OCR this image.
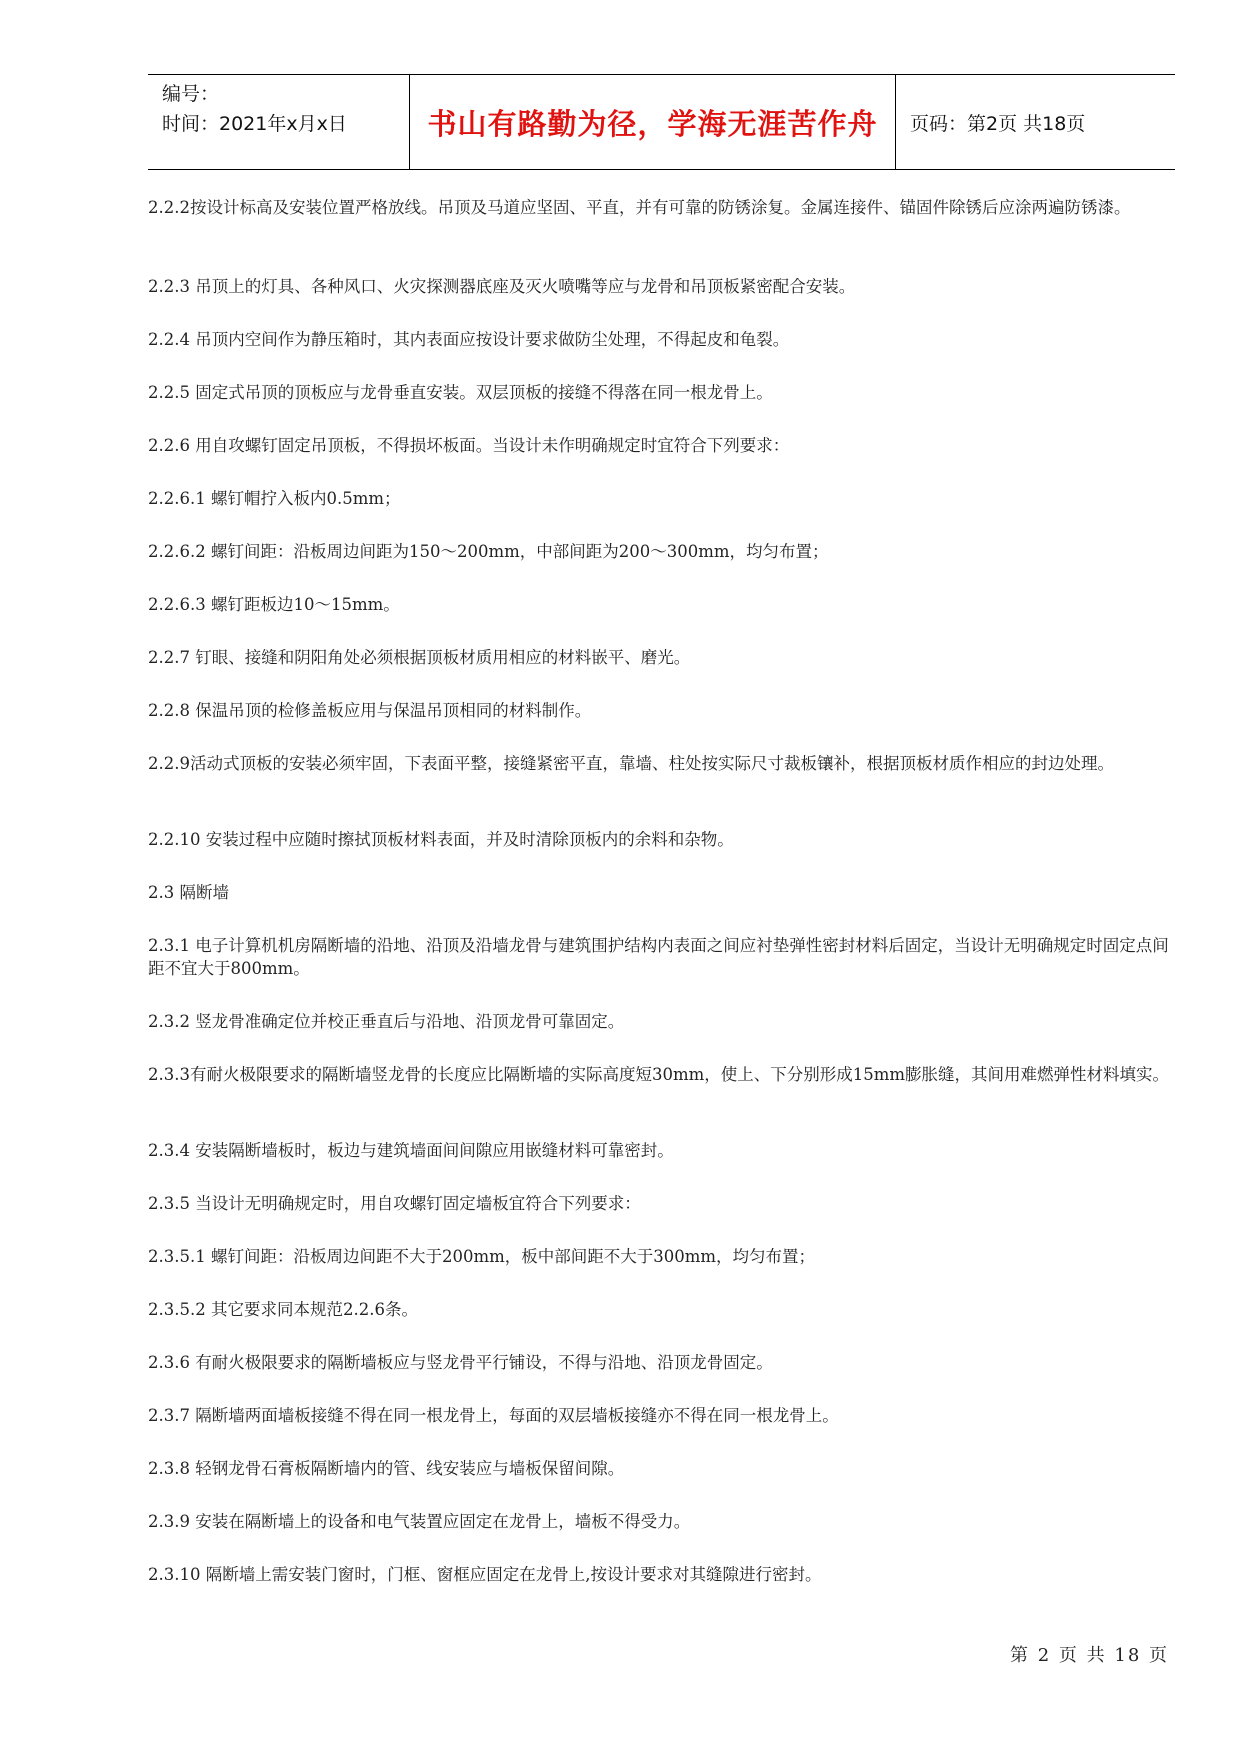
编号：
时间：2021年x月x日	书山有路勤为径，学海无涯苦作舟 页码：第2页 共18页

2.2.2按设计标高及安装位置严格放线。吊顶及马道应坚固、平直，并有可靠的防锈涂复。金属连接件、锚固件除锈后应涂两遍防锈漆。

2.2.3 吊顶上的灯具、各种风口、火灾探测器底座及灭火喷嘴等应与龙骨和吊顶板紧密配合安装。

2.2.4 吊顶内空间作为静压箱时，其内表面应按设计要求做防尘处理，不得起皮和龟裂。

2.2.5 固定式吊顶的顶板应与龙骨垂直安装。双层顶板的接缝不得落在同一根龙骨上。

2.2.6 用自攻螺钉固定吊顶板，不得损坏板面。当设计未作明确规定时宜符合下列要求：

2.2.6.1 螺钉帽拧入板内0.5mm；

2.2.6.2 螺钉间距：沿板周边间距为150～200mm，中部间距为200～300mm，均匀布置；

2.2.6.3 螺钉距板边10～15mm。

2.2.7 钉眼、接缝和阴阳角处必须根据顶板材质用相应的材料嵌平、磨光。

2.2.8 保温吊顶的检修盖板应用与保温吊顶相同的材料制作。

2.2.9活动式顶板的安装必须牢固，下表面平整，接缝紧密平直，靠墙、柱处按实际尺寸裁板镶补，根据顶板材质作相应的封边处理。

2.2.10 安装过程中应随时擦拭顶板材料表面，并及时清除顶板内的余料和杂物。

2.3 隔断墙

2.3.1 电子计算机机房隔断墙的沿地、沿顶及沿墙龙骨与建筑围护结构内表面之间应衬垫弹性密封材料后固定，当设计无明确规定时固定点间距不宜大于800mm。

2.3.2 竖龙骨准确定位并校正垂直后与沿地、沿顶龙骨可靠固定。

2.3.3有耐火极限要求的隔断墙竖龙骨的长度应比隔断墙的实际高度短30mm，使上、下分别形成15mm膨胀缝，其间用难燃弹性材料填实。

2.3.4 安装隔断墙板时，板边与建筑墙面间间隙应用嵌缝材料可靠密封。

2.3.5 当设计无明确规定时，用自攻螺钉固定墙板宜符合下列要求：

2.3.5.1 螺钉间距：沿板周边间距不大于200mm，板中部间距不大于300mm，均匀布置；

2.3.5.2 其它要求同本规范2.2.6条。

2.3.6 有耐火极限要求的隔断墙板应与竖龙骨平行铺设，不得与沿地、沿顶龙骨固定。

2.3.7 隔断墙两面墙板接缝不得在同一根龙骨上，每面的双层墙板接缝亦不得在同一根龙骨上。

2.3.8 轻钢龙骨石膏板隔断墙内的管、线安装应与墙板保留间隙。

2.3.9 安装在隔断墙上的设备和电气装置应固定在龙骨上，墙板不得受力。

2.3.10 隔断墙上需安装门窗时，门框、窗框应固定在龙骨上,按设计要求对其缝隙进行密封。

第 2 页 共 18 页
